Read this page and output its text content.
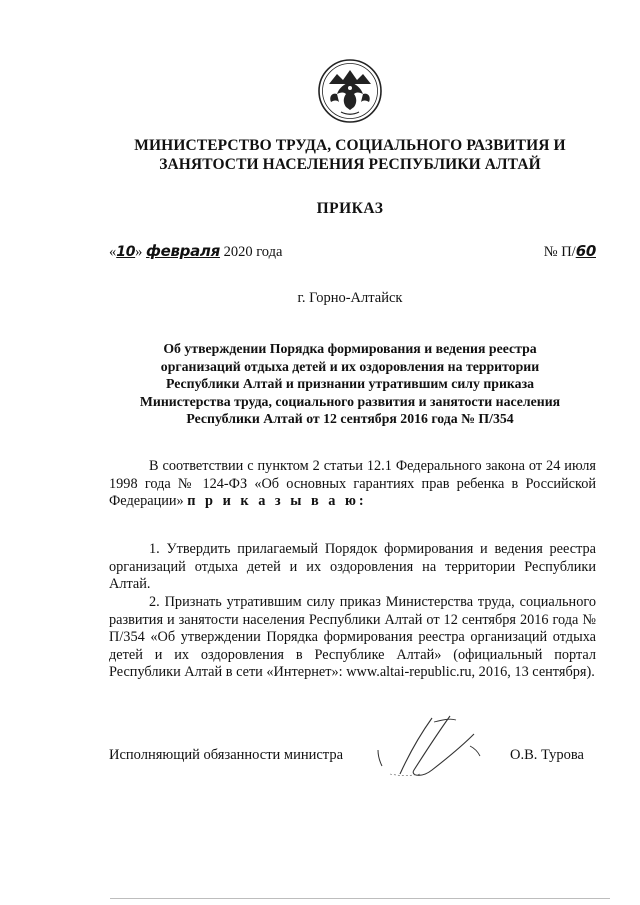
МИНИСТЕРСТВО ТРУДА, СОЦИАЛЬНОГО РАЗВИТИЯ И
ЗАНЯТОСТИ НАСЕЛЕНИЯ РЕСПУБЛИКИ АЛТАЙ
ПРИКАЗ
«10» февраля 2020 года	№ П/60
г. Горно-Алтайск
Об утверждении Порядка формирования и ведения реестра
организаций отдыха детей и их оздоровления на территории
Республики Алтай и признании утратившим силу приказа
Министерства труда, социального развития и занятости населения
Республики Алтай от 12 сентября 2016 года № П/354
В соответствии с пунктом 2 статьи 12.1 Федерального закона от 24 июля 1998 года № 124-ФЗ «Об основных гарантиях прав ребенка в Российской Федерации» п р и к а з ы в а ю:
1. Утвердить прилагаемый Порядок формирования и ведения реестра организаций отдыха детей и их оздоровления на территории Республики Алтай.
2. Признать утратившим силу приказ Министерства труда, социального развития и занятости населения Республики Алтай от 12 сентября 2016 года № П/354 «Об утверждении Порядка формирования реестра организаций отдыха детей и их оздоровления в Республике Алтай» (официальный портал Республики Алтай в сети «Интернет»: www.altai-republic.ru, 2016, 13 сентября).
Исполняющий обязанности министра	О.В. Турова
